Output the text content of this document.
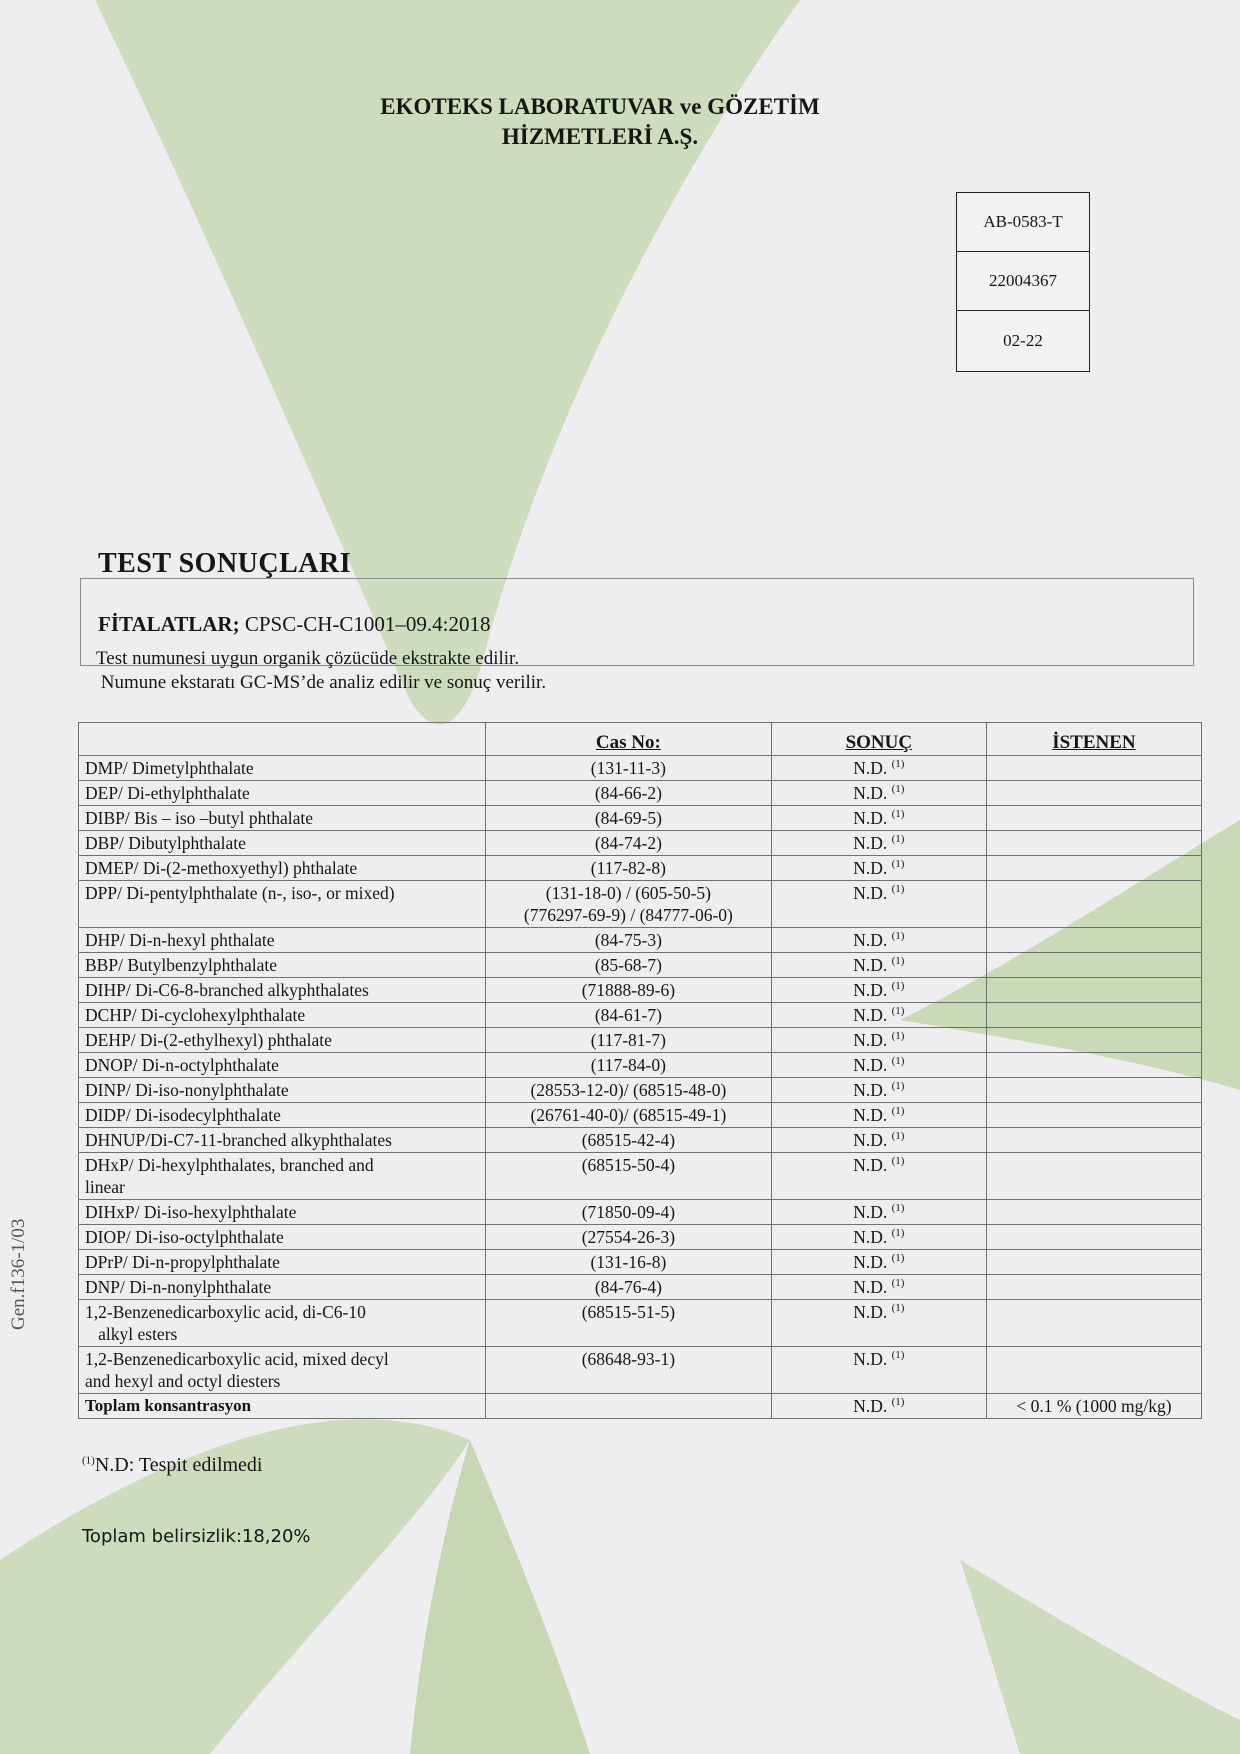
EKOTEKS LABORATUVAR ve GÖZETİM
HİZMETLERİ A.Ş.
AB-0583-T
22004367
02-22
TEST SONUÇLARI
FİTALATLAR; CPSC-CH-C1001–09.4:2018
Test numunesi uygun organik çözücüde ekstrakte edilir.
Numune ekstaratı GC-MS’de analiz edilir ve sonuç verilir.
Gen.f136-1/03
	Cas No:	SONUÇ	İSTENEN

DMP/ Dimetylphthalate	(131-11-3)	N.D. $^{(1)}$	

DEP/ Di-ethylphthalate	(84-66-2)	N.D. $^{(1)}$	

DIBP/ Bis – iso –butyl phthalate	(84-69-5)	N.D. $^{(1)}$	

DBP/ Dibutylphthalate	(84-74-2)	N.D. $^{(1)}$	

DMEP/ Di-(2-methoxyethyl) phthalate	(117-82-8)	N.D. $^{(1)}$	

DPP/ Di-pentylphthalate (n-, iso-, or mixed)	(131-18-0) / (605-50-5)
(776297-69-9) / (84777-06-0)	N.D. $^{(1)}$	

DHP/ Di-n-hexyl phthalate	(84-75-3)	N.D. $^{(1)}$	

BBP/ Butylbenzylphthalate	(85-68-7)	N.D. $^{(1)}$	

DIHP/ Di-C6-8-branched alkyphthalates	(71888-89-6)	N.D. $^{(1)}$	

DCHP/ Di-cyclohexylphthalate	(84-61-7)	N.D. $^{(1)}$	

DEHP/ Di-(2-ethylhexyl) phthalate	(117-81-7)	N.D. $^{(1)}$	

DNOP/ Di-n-octylphthalate	(117-84-0)	N.D. $^{(1)}$	

DINP/ Di-iso-nonylphthalate	(28553-12-0)/ (68515-48-0)	N.D. $^{(1)}$	

DIDP/ Di-isodecylphthalate	(26761-40-0)/ (68515-49-1)	N.D. $^{(1)}$	

DHNUP/Di-C7-11-branched alkyphthalates	(68515-42-4)	N.D. $^{(1)}$	

DHxP/ Di-hexylphthalates, branched and
linear	(68515-50-4)	N.D. $^{(1)}$	

DIHxP/ Di-iso-hexylphthalate	(71850-09-4)	N.D. $^{(1)}$	

DIOP/ Di-iso-octylphthalate	(27554-26-3)	N.D. $^{(1)}$	

DPrP/ Di-n-propylphthalate	(131-16-8)	N.D. $^{(1)}$	

DNP/ Di-n-nonylphthalate	(84-76-4)	N.D. $^{(1)}$	

1,2-Benzenedicarboxylic acid, di-C6-10
alkyl esters	(68515-51-5)	N.D. $^{(1)}$	

1,2-Benzenedicarboxylic acid, mixed decyl
and hexyl and octyl diesters	(68648-93-1)	N.D. $^{(1)}$	
Toplam konsantrasyon		N.D. $^{(1)}$	< 0.1 % (1000 mg/kg)
$^{(1)}$N.D: Tespit edilmedi
Toplam belirsizlik:18,20%
